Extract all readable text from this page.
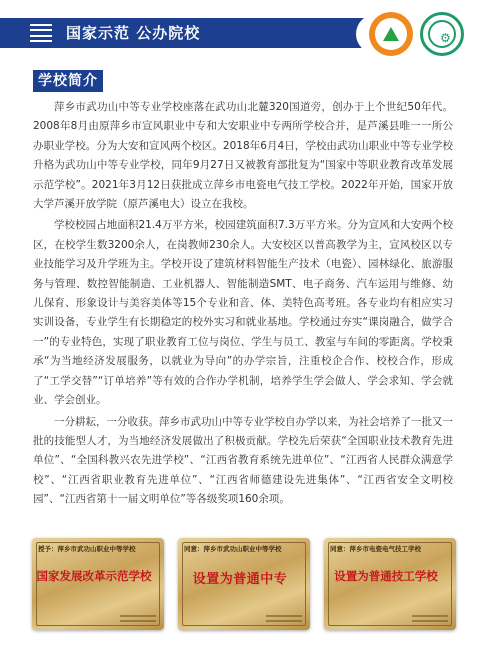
国家示范 公办院校	⚙
学校简介

萍乡市武功山中等专业学校座落在武功山北麓320国道旁，创办于上个世纪50年代。2008年8月由原萍乡市宣风职业中专和大安职业中专两所学校合并，是芦溪县唯一一所公办职业学校。分为大安和宣风两个校区。2018年6月4日，学校由武功山职业中等专业学校升格为武功山中等专业学校，同年9月27日又被教育部批复为“国家中等职业教育改革发展示范学校”。2021年3月12日获批成立萍乡市电瓷电气技工学校。2022年开始，国家开放大学芦溪开放学院（原芦溪电大）设立在我校。

学校校园占地面积21.4万平方米，校园建筑面积7.3万平方米。分为宣风和大安两个校区，在校学生数3200余人，在岗教师230余人。大安校区以普高教学为主，宣风校区以专业技能学习及升学班为主。学校开设了建筑材料智能生产技术（电瓷）、园林绿化、旅游服务与管理、数控智能制造、工业机器人、智能制造SMT、电子商务、汽车运用与维修、幼儿保育、形象设计与美容美体等15个专业和音、体、美特色高考班。各专业均有相应实习实训设备，专业学生有长期稳定的校外实习和就业基地。学校通过夯实“课岗融合，做学合一”的专业特色，实现了职业教育工位与岗位、学生与员工、教室与车间的零距离。学校秉承“为当地经济发展服务，以就业为导向”的办学宗旨，注重校企合作、校校合作，形成了“工学交替”“订单培养”等有效的合作办学机制，培养学生学会做人、学会求知、学会就业、学会创业。

一分耕耘，一分收获。萍乡市武功山中等专业学校自办学以来，为社会培养了一批又一批的技能型人才，为当地经济发展做出了积极贡献。学校先后荣获“全国职业技术教育先进单位”、“全国科教兴农先进学校”、“江西省教育系统先进单位”、“江西省人民群众满意学校”、“江西省职业教育先进单位”、“江西省师德建设先进集体”、“江西省安全文明校园”、“江西省第十一届文明单位”等各级奖项160余项。

授予：萍乡市武功山职业中等学校
国家发展改革示范学校
同意：萍乡市武功山职业中等学校
设置为普通中专
同意：萍乡市电瓷电气技工学校
设置为普通技工学校
